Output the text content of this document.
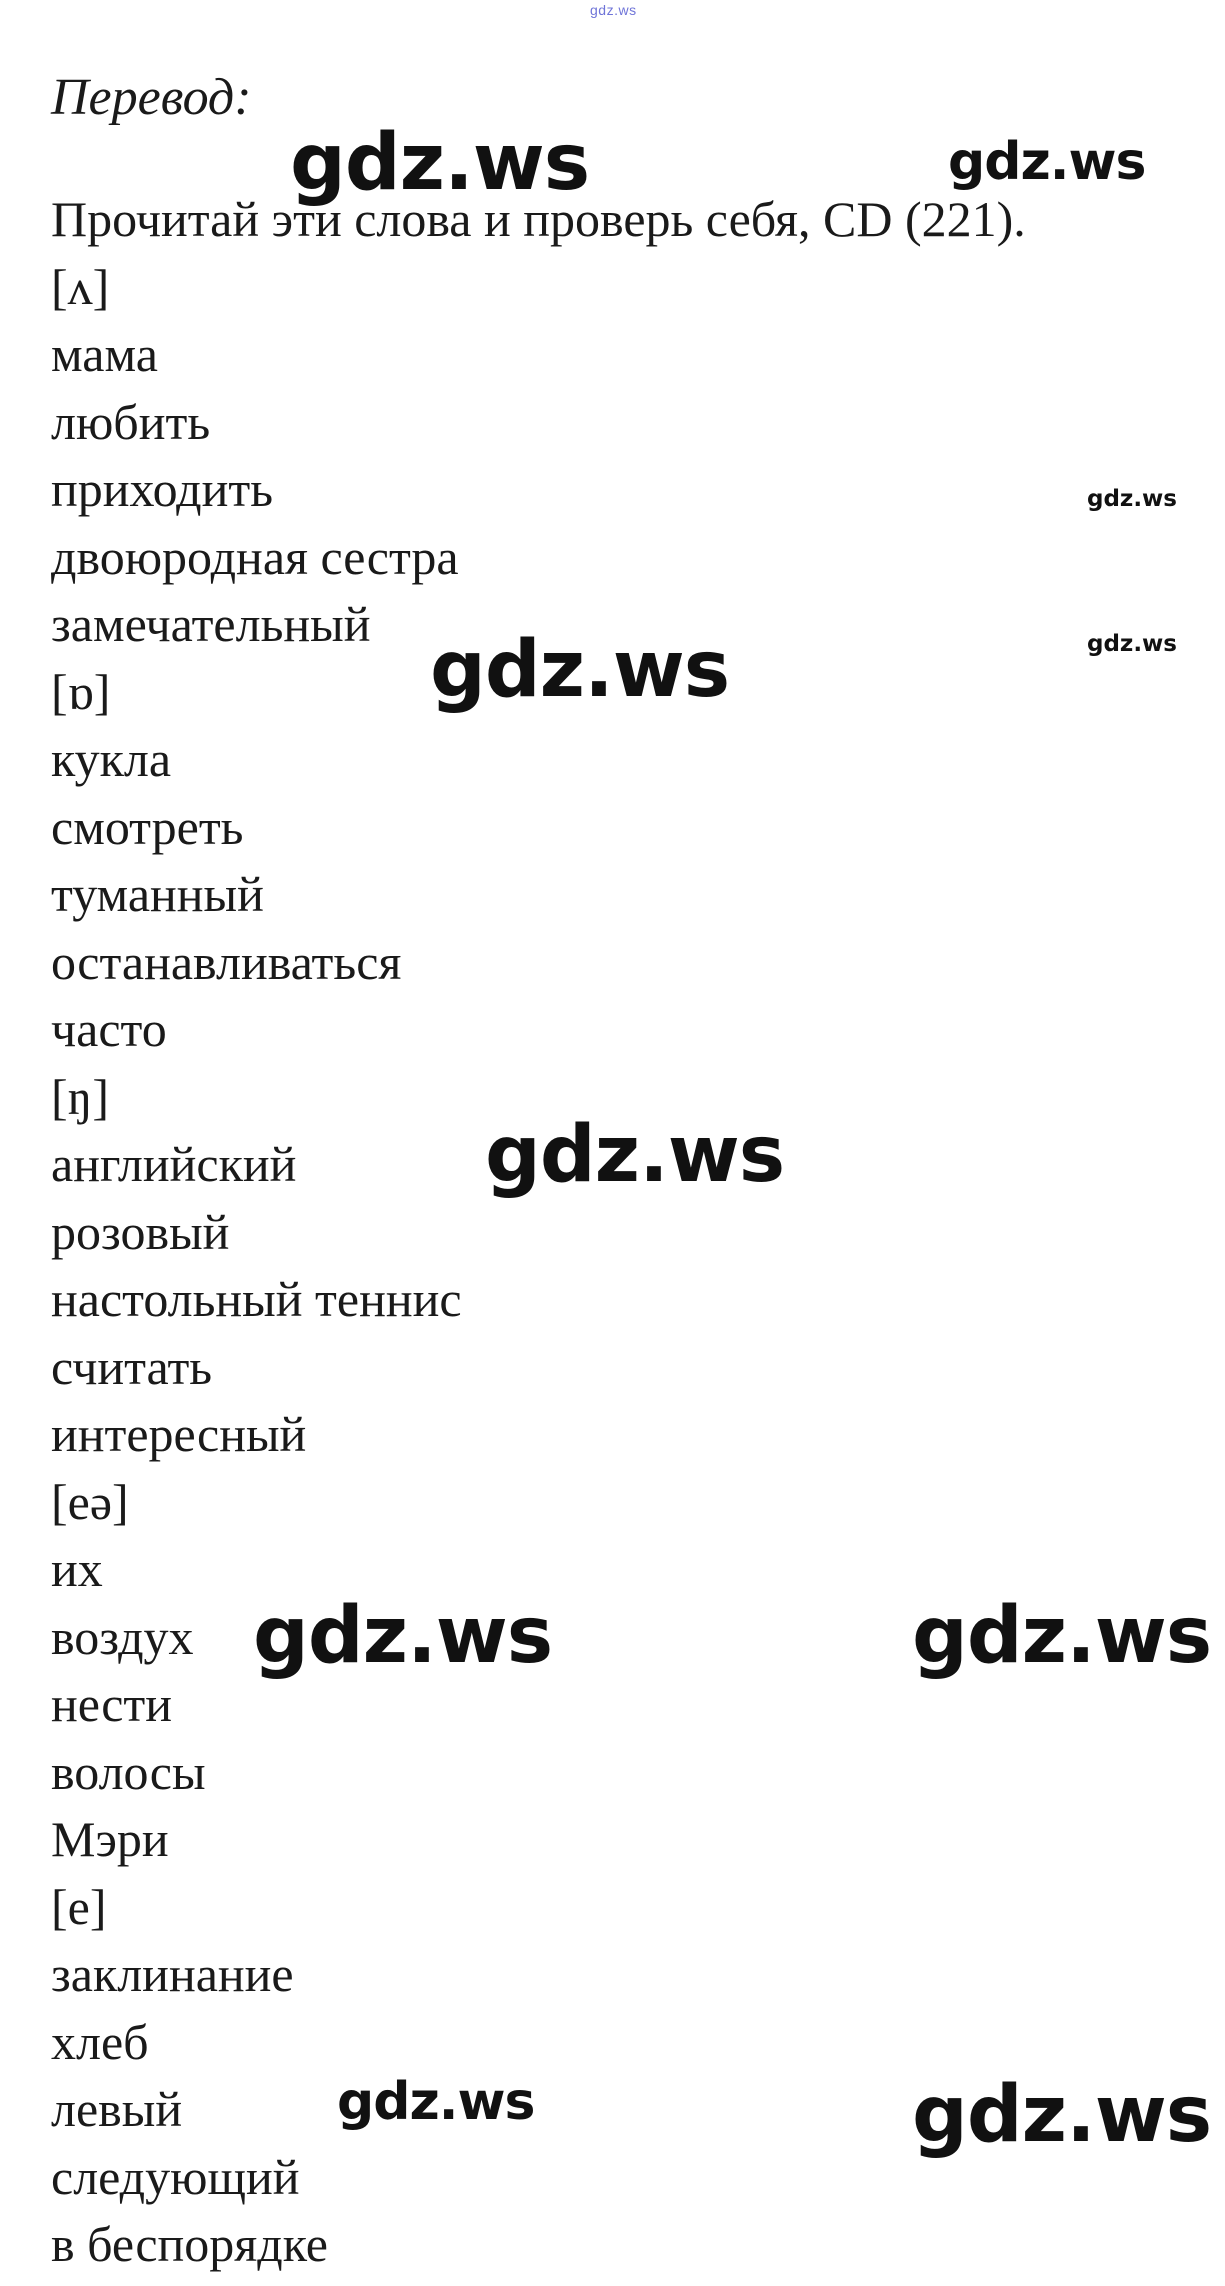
gdz.ws
Перевод:
Прочитай эти слова и проверь себя, CD (221).
[ʌ]
мама
любить
приходить
двоюродная сестра
замечательный
[ɒ]
кукла
смотреть
туманный
останавливаться
часто
[ŋ]
английский
розовый
настольный теннис
считать
интересный
[eə]
их
воздух
нести
волосы
Мэри
[e]
заклинание
хлеб
левый
следующий
в беспорядке
gdz.ws	gdz.ws
gdz.ws
gdz.ws
gdz.ws
gdz.ws
gdz.ws	gdz.ws
gdz.ws	gdz.ws
